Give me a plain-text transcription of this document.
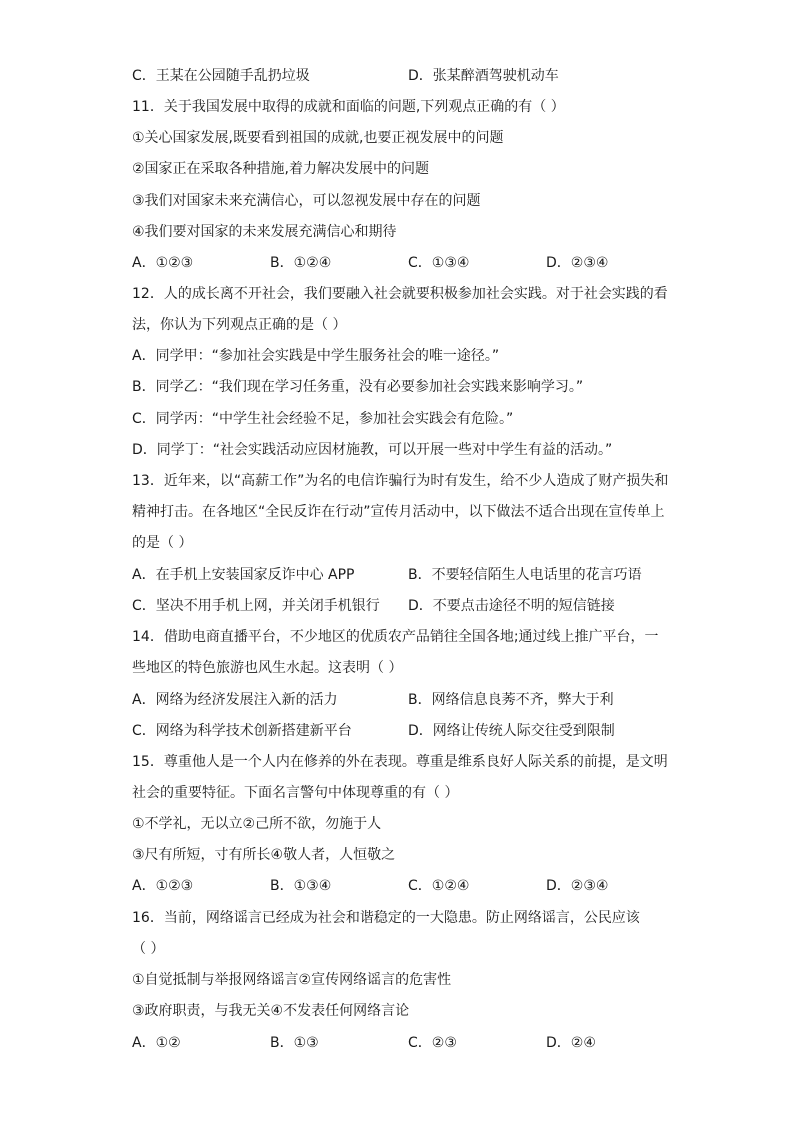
C．王某在公园随手乱扔垃圾	D．张某醉酒驾驶机动车
11．关于我国发展中取得的成就和面临的问题,下列观点正确的有（ ）
①关心国家发展,既要看到祖国的成就,也要正视发展中的问题
②国家正在采取各种措施,着力解决发展中的问题
③我们对国家未来充满信心，可以忽视发展中存在的问题
④我们要对国家的未来发展充满信心和期待
A．①②③	B．①②④	C．①③④	D．②③④
12．人的成长离不开社会，我们要融入社会就要积极参加社会实践。对于社会实践的看
法，你认为下列观点正确的是（ ）
A．同学甲：“参加社会实践是中学生服务社会的唯一途径。”
B．同学乙：“我们现在学习任务重，没有必要参加社会实践来影响学习。”
C．同学丙：“中学生社会经验不足，参加社会实践会有危险。”
D．同学丁：“社会实践活动应因材施教，可以开展一些对中学生有益的活动。”
13．近年来，以“高薪工作”为名的电信诈骗行为时有发生，给不少人造成了财产损失和
精神打击。在各地区“全民反诈在行动”宣传月活动中，以下做法不适合出现在宣传单上
的是（ ）
A．在手机上安装国家反诈中心 APP	B．不要轻信陌生人电话里的花言巧语
C．坚决不用手机上网，并关闭手机银行 D．不要点击途径不明的短信链接
14．借助电商直播平台，不少地区的优质农产品销往全国各地;通过线上推广平台，一
些地区的特色旅游也风生水起。这表明（ ）
A．网络为经济发展注入新的活力	B．网络信息良莠不齐，弊大于利
C．网络为科学技术创新搭建新平台	D．网络让传统人际交往受到限制
15．尊重他人是一个人内在修养的外在表现。尊重是维系良好人际关系的前提，是文明
社会的重要特征。下面名言警句中体现尊重的有（ ）
①不学礼，无以立②己所不欲，勿施于人
③尺有所短，寸有所长④敬人者，人恒敬之
A．①②③	B．①③④	C．①②④	D．②③④
16．当前，网络谣言已经成为社会和谐稳定的一大隐患。防止网络谣言，公民应该
（ ）
①自觉抵制与举报网络谣言②宣传网络谣言的危害性
③政府职责，与我无关④不发表任何网络言论
A．①②	B．①③	C．②③	D．②④
